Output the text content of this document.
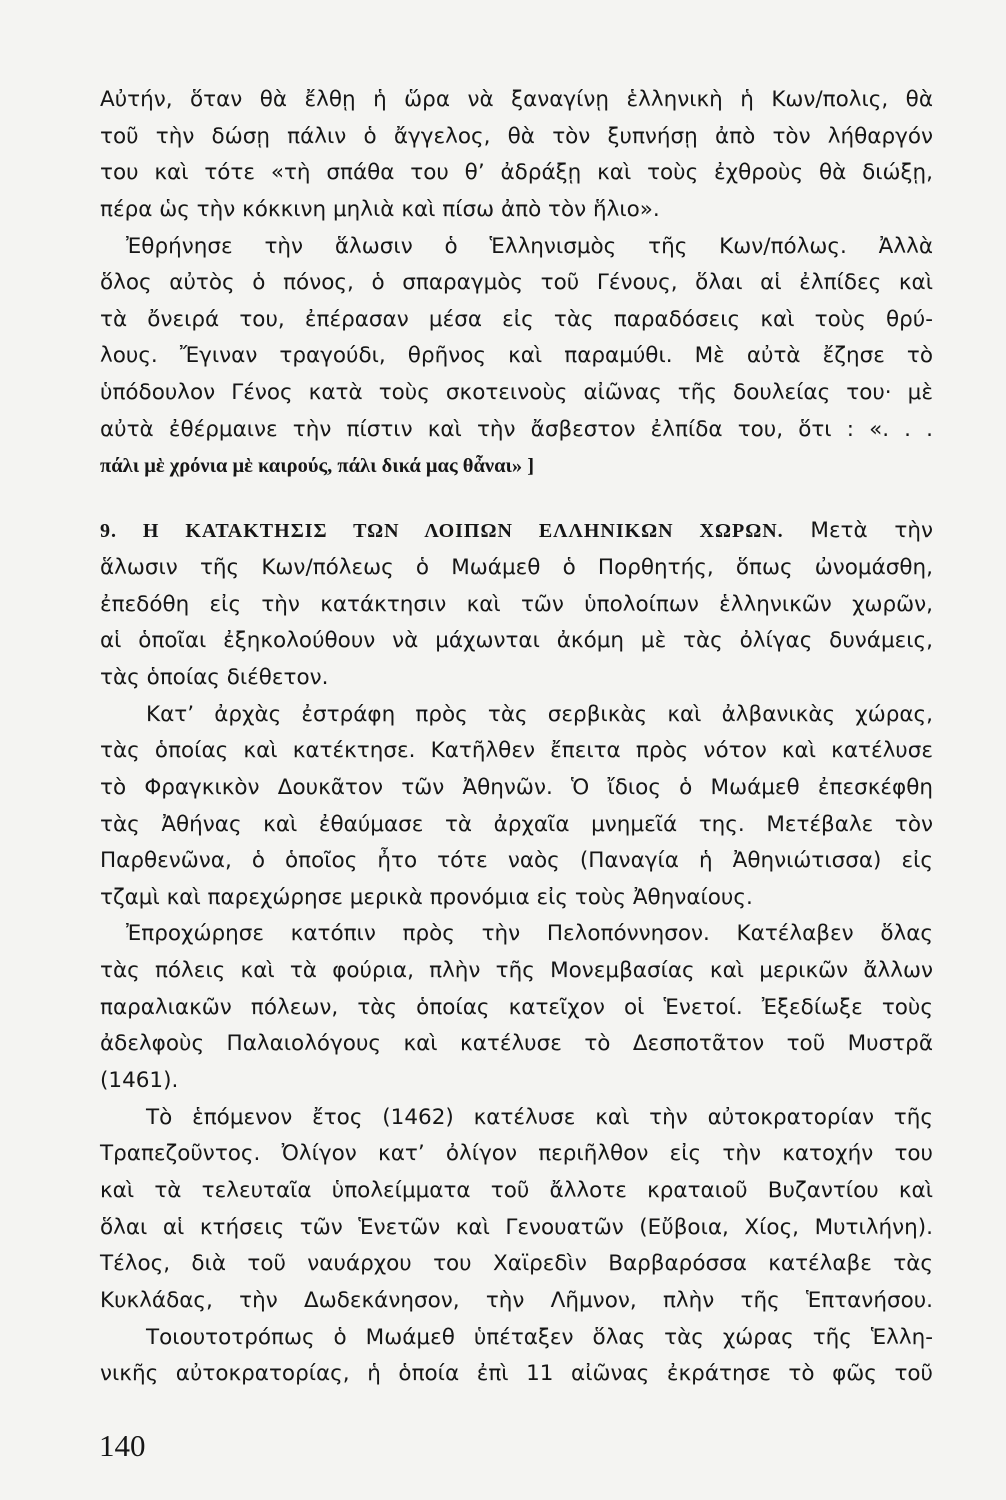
Αὐτήν, ὅταν θὰ ἔλθῃ ἡ ὥρα νὰ ξαναγίνῃ ἑλληνικὴ ἡ Κων/πολις, θὰ
τοῦ τὴν δώσῃ πάλιν ὁ ἄγγελος, θὰ τὸν ξυπνήσῃ ἀπὸ τὸν λήθαργόν
του καὶ τότε «τὴ σπάθα του θ’ ἀδράξῃ καὶ τοὺς ἐχθροὺς θὰ διώξῃ,
πέρα ὡς τὴν κόκκινη μηλιὰ καὶ πίσω ἀπὸ τὸν ἥλιο».
Ἐθρήνησε τὴν ἅλωσιν ὁ Ἑλληνισμὸς τῆς Κων/πόλως. Ἀλλὰ
ὅλος αὐτὸς ὁ πόνος, ὁ σπαραγμὸς τοῦ Γένους, ὅλαι αἱ ἐλπίδες καὶ
τὰ ὄνειρά του, ἐπέρασαν μέσα εἰς τὰς παραδόσεις καὶ τοὺς θρύ-
λους. Ἔγιναν τραγούδι, θρῆνος καὶ παραμύθι. Μὲ αὐτὰ ἔζησε τὸ
ὑπόδουλον Γένος κατὰ τοὺς σκοτεινοὺς αἰῶνας τῆς δουλείας του· μὲ
αὐτὰ ἐθέρμαινε τὴν πίστιν καὶ τὴν ἄσβεστον ἐλπίδα του, ὅτι : «. . .
πάλι μὲ χρόνια μὲ καιρούς, πάλι δικά μας θἆναι» ]
9. Η ΚΑΤΑΚΤΗΣΙΣ ΤΩΝ ΛΟΙΠΩΝ ΕΛΛΗΝΙΚΩΝ ΧΩΡΩΝ. Μετὰ τὴν
ἅλωσιν τῆς Κων/πόλεως ὁ Μωάμεθ ὁ Πορθητής, ὅπως ὠνομάσθη,
ἐπεδόθη εἰς τὴν κατάκτησιν καὶ τῶν ὑπολοίπων ἑλληνικῶν χωρῶν,
αἱ ὁποῖαι ἐξηκολούθουν νὰ μάχωνται ἀκόμη μὲ τὰς ὀλίγας δυνάμεις,
τὰς ὁποίας διέθετον.
Κατ’ ἀρχὰς ἐστράφη πρὸς τὰς σερβικὰς καὶ ἀλβανικὰς χώρας,
τὰς ὁποίας καὶ κατέκτησε. Κατῆλθεν ἔπειτα πρὸς νότον καὶ κατέλυσε
τὸ Φραγκικὸν Δουκᾶτον τῶν Ἀθηνῶν. Ὁ ἴδιος ὁ Μωάμεθ ἐπεσκέφθη
τὰς Ἀθήνας καὶ ἐθαύμασε τὰ ἀρχαῖα μνημεῖά της. Μετέβαλε τὸν
Παρθενῶνα, ὁ ὁποῖος ἦτο τότε ναὸς (Παναγία ἡ Ἀθηνιώτισσα) εἰς
τζαμὶ καὶ παρεχώρησε μερικὰ προνόμια εἰς τοὺς Ἀθηναίους.
Ἐπροχώρησε κατόπιν πρὸς τὴν Πελοπόννησον. Κατέλαβεν ὅλας
τὰς πόλεις καὶ τὰ φούρια, πλὴν τῆς Μονεμβασίας καὶ μερικῶν ἄλλων
παραλιακῶν πόλεων, τὰς ὁποίας κατεῖχον οἱ Ἑνετοί. Ἐξεδίωξε τοὺς
ἀδελφοὺς Παλαιολόγους καὶ κατέλυσε τὸ Δεσποτᾶτον τοῦ Μυστρᾶ
(1461).
Τὸ ἑπόμενον ἔτος (1462) κατέλυσε καὶ τὴν αὐτοκρατορίαν τῆς
Τραπεζοῦντος. Ὀλίγον κατ’ ὀλίγον περιῆλθον εἰς τὴν κατοχήν του
καὶ τὰ τελευταῖα ὑπολείμματα τοῦ ἄλλοτε κραταιοῦ Βυζαντίου καὶ
ὅλαι αἱ κτήσεις τῶν Ἑνετῶν καὶ Γενουατῶν (Εὔβοια, Χίος, Μυτιλήνη).
Τέλος, διὰ τοῦ ναυάρχου του Χαϊρεδὶν Βαρβαρόσσα κατέλαβε τὰς
Κυκλάδας, τὴν Δωδεκάνησον, τὴν Λῆμνον, πλὴν τῆς Ἑπτανήσου.
Τοιουτοτρόπως ὁ Μωάμεθ ὑπέταξεν ὅλας τὰς χώρας τῆς Ἑλλη-
νικῆς αὐτοκρατορίας, ἡ ὁποία ἐπὶ 11 αἰῶνας ἐκράτησε τὸ φῶς τοῦ
140
